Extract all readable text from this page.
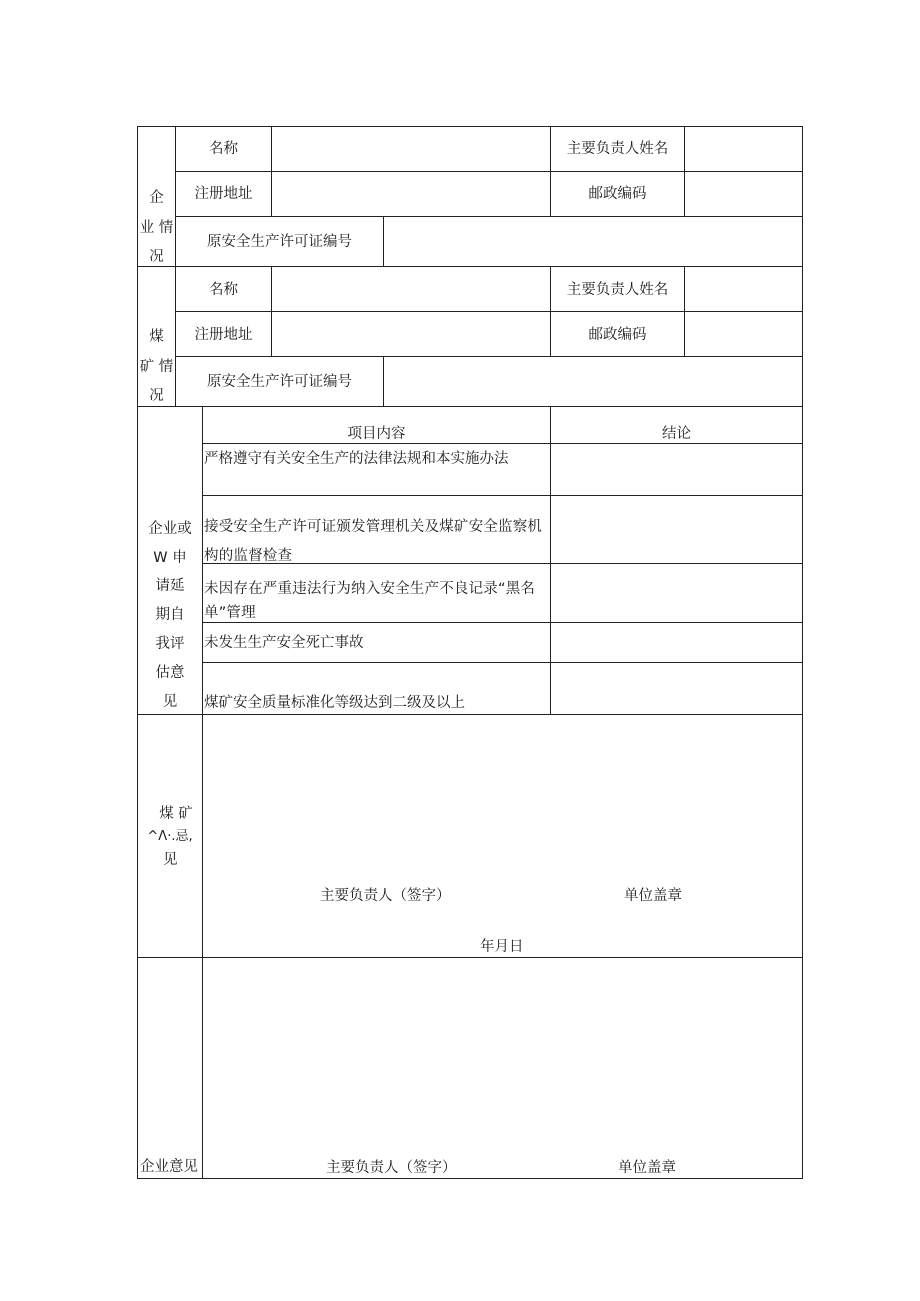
企
业 情
况
名称	主要负责人姓名
注册地址	邮政编码
原安全生产许可证编号
煤
矿 情
况
名称	主要负责人姓名
注册地址	邮政编码
原安全生产许可证编号
企业或
W 申
请延
期自
我评
估意
见
项目内容	结论
严格遵守有关安全生产的法律法规和本实施办法
接受安全生产许可证颁发管理机关及煤矿安全监察机构的监督检查
未因存在严重违法行为纳入安全生产不良记录“黑名单”管理
未发生生产安全死亡事故
煤矿安全质量标准化等级达到二级及以上
煤 矿
^Λ·.忌,
见
主要负责人（签字）	单位盖章
年月日
企业意见	主要负责人（签字）	单位盖章
